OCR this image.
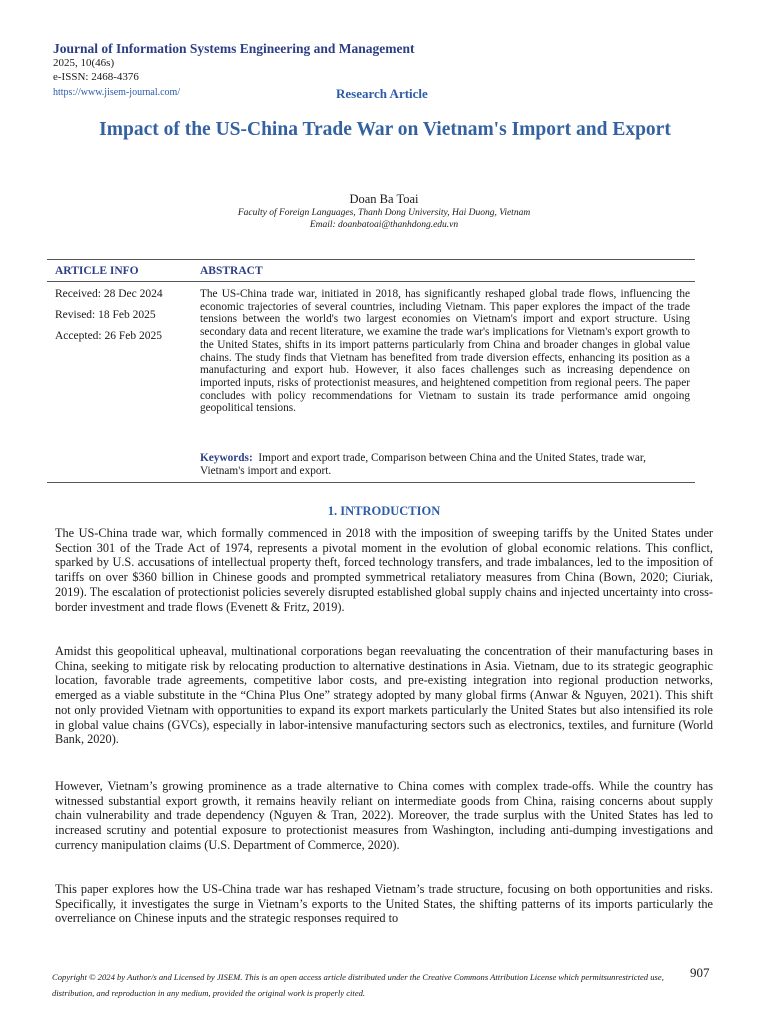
Journal of Information Systems Engineering and Management
2025, 10(46s)
e-ISSN: 2468-4376
https://www.jisem-journal.com/	Research Article
Impact of the US-China Trade War on Vietnam's Import and Export
Doan Ba Toai
Faculty of Foreign Languages, Thanh Dong University, Hai Duong, Vietnam
Email: doanbatoai@thanhdong.edu.vn
ARTICLE INFO	ABSTRACT
Received: 28 Dec 2024
Revised: 18 Feb 2025
Accepted: 26 Feb 2025
The US-China trade war, initiated in 2018, has significantly reshaped global trade flows, influencing the economic trajectories of several countries, including Vietnam. This paper explores the impact of the trade tensions between the world's two largest economies on Vietnam's import and export structure. Using secondary data and recent literature, we examine the trade war's implications for Vietnam's export growth to the United States, shifts in its import patterns particularly from China and broader changes in global value chains. The study finds that Vietnam has benefited from trade diversion effects, enhancing its position as a manufacturing and export hub. However, it also faces challenges such as increasing dependence on imported inputs, risks of protectionist measures, and heightened competition from regional peers. The paper concludes with policy recommendations for Vietnam to sustain its trade performance amid ongoing geopolitical tensions.
Keywords: Import and export trade, Comparison between China and the United States, trade war, Vietnam's import and export.
1. INTRODUCTION
The US-China trade war, which formally commenced in 2018 with the imposition of sweeping tariffs by the United States under Section 301 of the Trade Act of 1974, represents a pivotal moment in the evolution of global economic relations. This conflict, sparked by U.S. accusations of intellectual property theft, forced technology transfers, and trade imbalances, led to the imposition of tariffs on over $360 billion in Chinese goods and prompted symmetrical retaliatory measures from China (Bown, 2020; Ciuriak, 2019). The escalation of protectionist policies severely disrupted established global supply chains and injected uncertainty into cross-border investment and trade flows (Evenett & Fritz, 2019).
Amidst this geopolitical upheaval, multinational corporations began reevaluating the concentration of their manufacturing bases in China, seeking to mitigate risk by relocating production to alternative destinations in Asia. Vietnam, due to its strategic geographic location, favorable trade agreements, competitive labor costs, and pre-existing integration into regional production networks, emerged as a viable substitute in the “China Plus One” strategy adopted by many global firms (Anwar & Nguyen, 2021). This shift not only provided Vietnam with opportunities to expand its export markets particularly the United States but also intensified its role in global value chains (GVCs), especially in labor-intensive manufacturing sectors such as electronics, textiles, and furniture (World Bank, 2020).
However, Vietnam’s growing prominence as a trade alternative to China comes with complex trade-offs. While the country has witnessed substantial export growth, it remains heavily reliant on intermediate goods from China, raising concerns about supply chain vulnerability and trade dependency (Nguyen & Tran, 2022). Moreover, the trade surplus with the United States has led to increased scrutiny and potential exposure to protectionist measures from Washington, including anti-dumping investigations and currency manipulation claims (U.S. Department of Commerce, 2020).
This paper explores how the US-China trade war has reshaped Vietnam’s trade structure, focusing on both opportunities and risks. Specifically, it investigates the surge in Vietnam’s exports to the United States, the shifting patterns of its imports particularly the overreliance on Chinese inputs and the strategic responses required to
Copyright © 2024 by Author/s and Licensed by JISEM. This is an open access article distributed under the Creative Commons Attribution License which permitsunrestricted use, distribution, and reproduction in any medium, provided the original work is properly cited.
907
